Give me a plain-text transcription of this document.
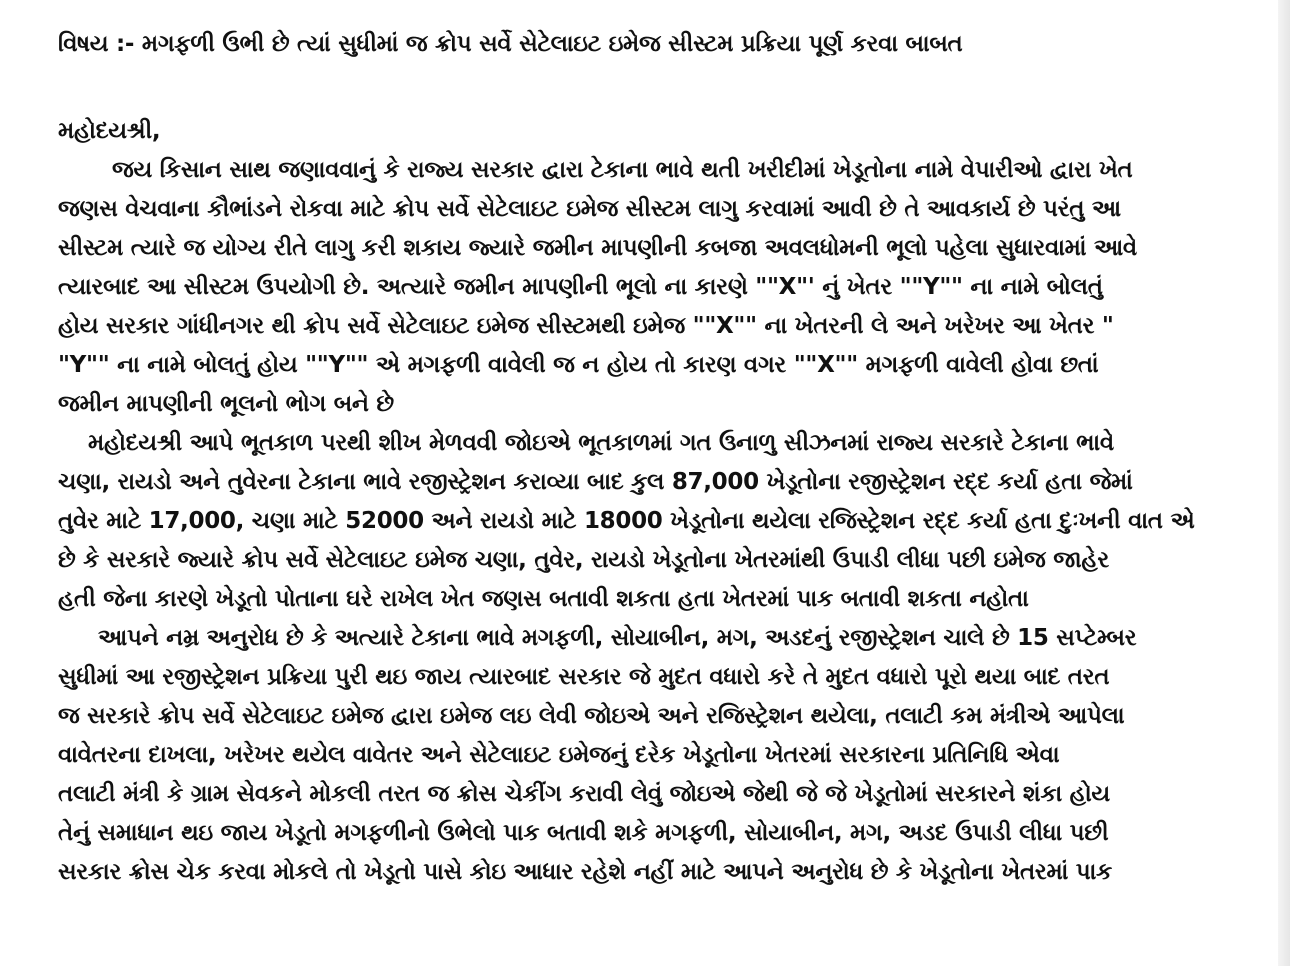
વિષય :- મગફળી ઉભી છે ત્યાં સુધીમાં જ ક્રોપ સર્વે સેટેલાઇટ ઇમેજ સીસ્ટમ પ્રક્રિયા પૂર્ણ કરવા બાબત
મહોદયશ્રી,
જય કિસાન સાથ જણાવવાનું કે રાજ્ય સરકાર દ્વારા ટેકાના ભાવે થતી ખરીદીમાં ખેડૂતોના નામે વેપારીઓ દ્વારા ખેત
જણસ વેચવાના કૌભાંડને રોકવા માટે ક્રોપ સર્વે સેટેલાઇટ ઇમેજ સીસ્ટમ લાગુ કરવામાં આવી છે તે આવકાર્ય છે પરંતુ આ
સીસ્ટમ ત્યારે જ યોગ્ય રીતે લાગુ કરી શકાય જ્યારે જમીન માપણીની કબજા અવલધોમની ભૂલો પહેલા સુધારવામાં આવે
ત્યારબાદ આ સીસ્ટમ ઉપયોગી છે. અત્યારે જમીન માપણીની ભૂલો ના કારણે ""X"' નું ખેતર ""Y"" ના નામે બોલતું
હોય સરકાર ગાંધીનગર થી ક્રોપ સર્વે સેટેલાઇટ ઇમેજ સીસ્ટમથી ઇમેજ ""X"" ના ખેતરની લે અને ખરેખર આ ખેતર "
"Y"" ના નામે બોલતું હોય ""Y"" એ મગફળી વાવેલી જ ન હોય તો કારણ વગર ""X"" મગફળી વાવેલી હોવા છતાં
જમીન માપણીની ભૂલનો ભોગ બને છે
મહોદયશ્રી આપે ભૂતકાળ પરથી શીખ મેળવવી જોઇએ ભૂતકાળમાં ગત ઉનાળુ સીઝનમાં રાજ્ય સરકારે ટેકાના ભાવે
ચણા, રાયડો અને તુવેરના ટેકાના ભાવે રજીસ્ટ્રેશન કરાવ્યા બાદ કુલ 87,000 ખેડૂતોના રજીસ્ટ્રેશન રદ્દ કર્યા હતા જેમાં
તુવેર માટે 17,000, ચણા માટે 52000 અને રાયડો માટે 18000 ખેડૂતોના થયેલા રજિસ્ટ્રેશન રદ્દ કર્યા હતા દુઃખની વાત એ
છે કે સરકારે જ્યારે ક્રોપ સર્વે સેટેલાઇટ ઇમેજ ચણા, તુવેર, રાયડો ખેડૂતોના ખેતરમાંથી ઉપાડી લીધા પછી ઇમેજ જાહેર
હતી જેના કારણે ખેડૂતો પોતાના ઘરે રાખેલ ખેત જણસ બતાવી શકતા હતા ખેતરમાં પાક બતાવી શકતા નહોતા
આપને નમ્ર અનુરોધ છે કે અત્યારે ટેકાના ભાવે મગફળી, સોયાબીન, મગ, અડદનું રજીસ્ટ્રેશન ચાલે છે 15 સપ્ટેમ્બર
સુધીમાં આ રજીસ્ટ્રેશન પ્રક્રિયા પુરી થઇ જાય ત્યારબાદ સરકાર જે મુદત વધારો કરે તે મુદત વધારો પૂરો થયા બાદ તરત
જ સરકારે ક્રોપ સર્વે સેટેલાઇટ ઇમેજ દ્વારા ઇમેજ લઇ લેવી જોઇએ અને રજિસ્ટ્રેશન થયેલા, તલાટી કમ મંત્રીએ આપેલા
વાવેતરના દાખલા, ખરેખર થયેલ વાવેતર અને સેટેલાઇટ ઇમેજનું દરેક ખેડૂતોના ખેતરમાં સરકારના પ્રતિનિધિ એવા
તલાટી મંત્રી કે ગ્રામ સેવકને મોકલી તરત જ ક્રોસ ચેકીંગ કરાવી લેવું જોઇએ જેથી જે જે ખેડૂતોમાં સરકારને શંકા હોય
તેનું સમાધાન થઇ જાય ખેડૂતો મગફળીનો ઉભેલો પાક બતાવી શકે મગફળી, સોયાબીન, મગ, અડદ ઉપાડી લીધા પછી
સરકાર ક્રોસ ચેક કરવા મોકલે તો ખેડૂતો પાસે કોઇ આધાર રહેશે નહીં માટે આપને અનુરોધ છે કે ખેડૂતોના ખેતરમાં પાક
